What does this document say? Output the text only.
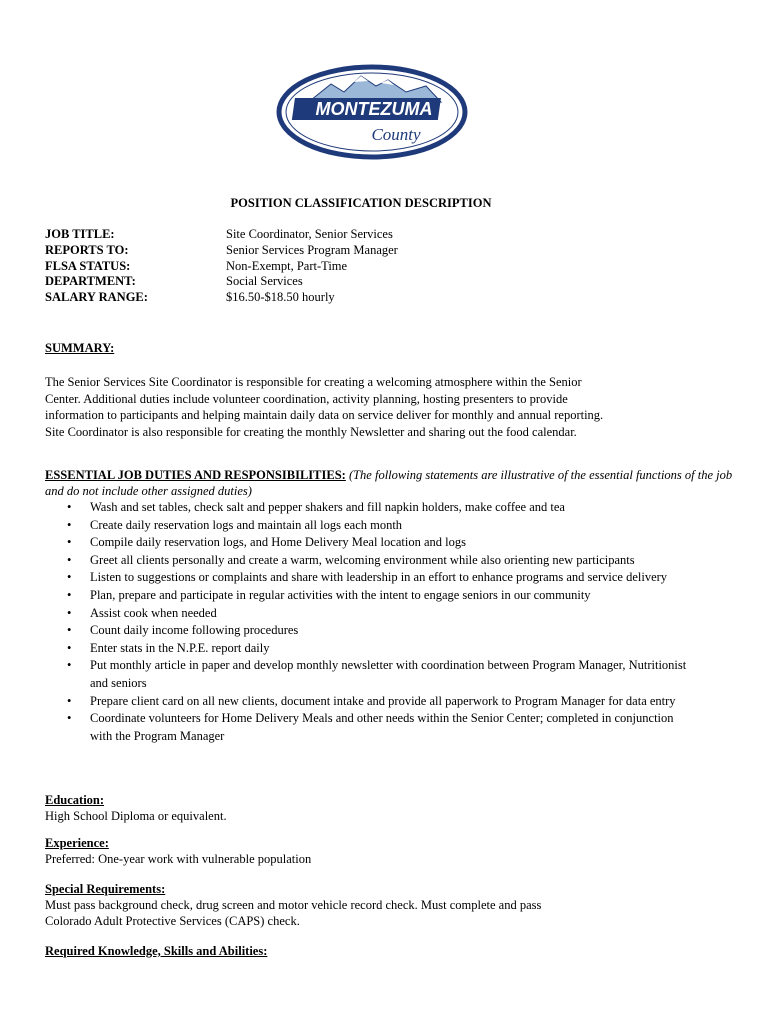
MONTEZUMA
County
POSITION CLASSIFICATION DESCRIPTION
JOB TITLE:	Site Coordinator, Senior Services
REPORTS TO:	Senior Services Program Manager
FLSA STATUS:	Non-Exempt, Part-Time
DEPARTMENT:	Social Services
SALARY RANGE:	$16.50-$18.50 hourly
SUMMARY:
The Senior Services Site Coordinator is responsible for creating a welcoming atmosphere within the Senior Center. Additional duties include volunteer coordination, activity planning, hosting presenters to provide information to participants and helping maintain daily data on service deliver for monthly and annual reporting. Site Coordinator is also responsible for creating the monthly Newsletter and sharing out the food calendar.
ESSENTIAL JOB DUTIES AND RESPONSIBILITIES: (The following statements are illustrative of the essential functions of the job and do not include other assigned duties)
• Wash and set tables, check salt and pepper shakers and fill napkin holders, make coffee and tea
• Create daily reservation logs and maintain all logs each month
• Compile daily reservation logs, and Home Delivery Meal location and logs
• Greet all clients personally and create a warm, welcoming environment while also orienting new participants
• Listen to suggestions or complaints and share with leadership in an effort to enhance programs and service delivery
• Plan, prepare and participate in regular activities with the intent to engage seniors in our community
• Assist cook when needed
• Count daily income following procedures
• Enter stats in the N.P.E. report daily
• Put monthly article in paper and develop monthly newsletter with coordination between Program Manager, Nutritionist and seniors
• Prepare client card on all new clients, document intake and provide all paperwork to Program Manager for data entry
• Coordinate volunteers for Home Delivery Meals and other needs within the Senior Center; completed in conjunction with the Program Manager
Education:
High School Diploma or equivalent.
Experience:
Preferred: One-year work with vulnerable population
Special Requirements:
Must pass background check, drug screen and motor vehicle record check. Must complete and pass Colorado Adult Protective Services (CAPS) check.
Required Knowledge, Skills and Abilities:
